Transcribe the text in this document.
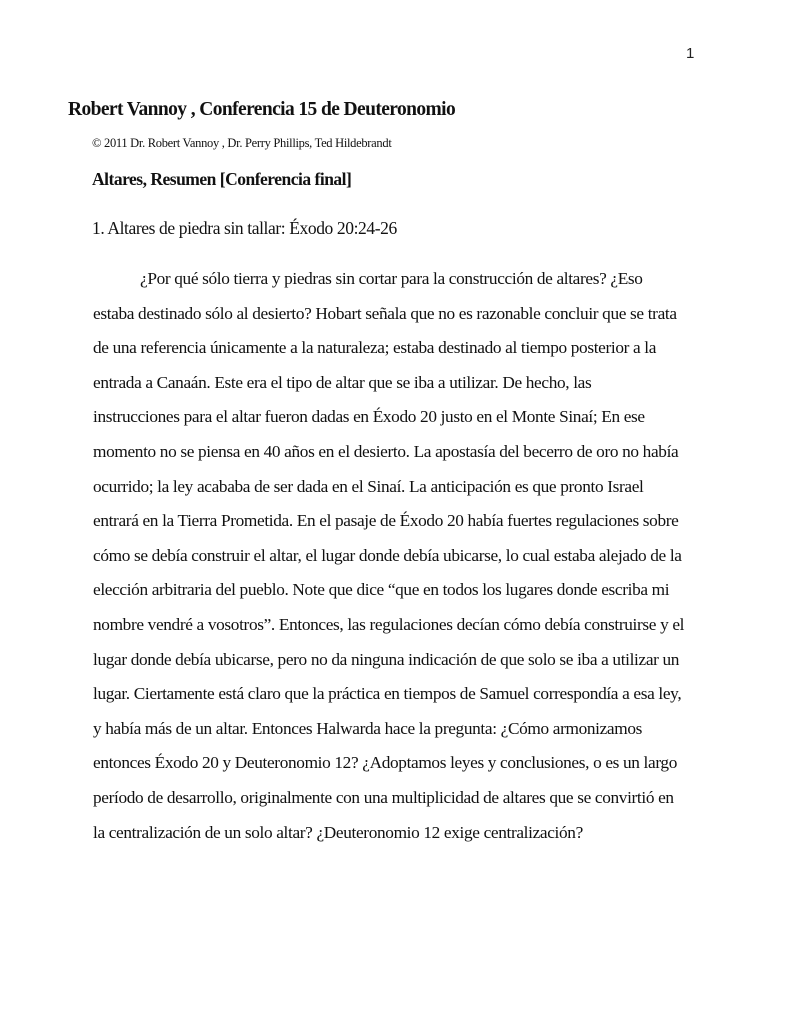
1
Robert Vannoy , Conferencia 15 de Deuteronomio
© 2011 Dr. Robert Vannoy , Dr. Perry Phillips, Ted Hildebrandt
Altares, Resumen [Conferencia final]
1. Altares de piedra sin tallar: Éxodo 20:24-26
¿Por qué sólo tierra y piedras sin cortar para la construcción de altares? ¿Eso
estaba destinado sólo al desierto? Hobart señala que no es razonable concluir que se trata
de una referencia únicamente a la naturaleza; estaba destinado al tiempo posterior a la
entrada a Canaán. Este era el tipo de altar que se iba a utilizar. De hecho, las
instrucciones para el altar fueron dadas en Éxodo 20 justo en el Monte Sinaí; En ese
momento no se piensa en 40 años en el desierto. La apostasía del becerro de oro no había
ocurrido; la ley acababa de ser dada en el Sinaí. La anticipación es que pronto Israel
entrará en la Tierra Prometida. En el pasaje de Éxodo 20 había fuertes regulaciones sobre
cómo se debía construir el altar, el lugar donde debía ubicarse, lo cual estaba alejado de la
elección arbitraria del pueblo. Note que dice “que en todos los lugares donde escriba mi
nombre vendré a vosotros”. Entonces, las regulaciones decían cómo debía construirse y el
lugar donde debía ubicarse, pero no da ninguna indicación de que solo se iba a utilizar un
lugar. Ciertamente está claro que la práctica en tiempos de Samuel correspondía a esa ley,
y había más de un altar. Entonces Halwarda hace la pregunta: ¿Cómo armonizamos
entonces Éxodo 20 y Deuteronomio 12? ¿Adoptamos leyes y conclusiones, o es un largo
período de desarrollo, originalmente con una multiplicidad de altares que se convirtió en
la centralización de un solo altar? ¿Deuteronomio 12 exige centralización?
